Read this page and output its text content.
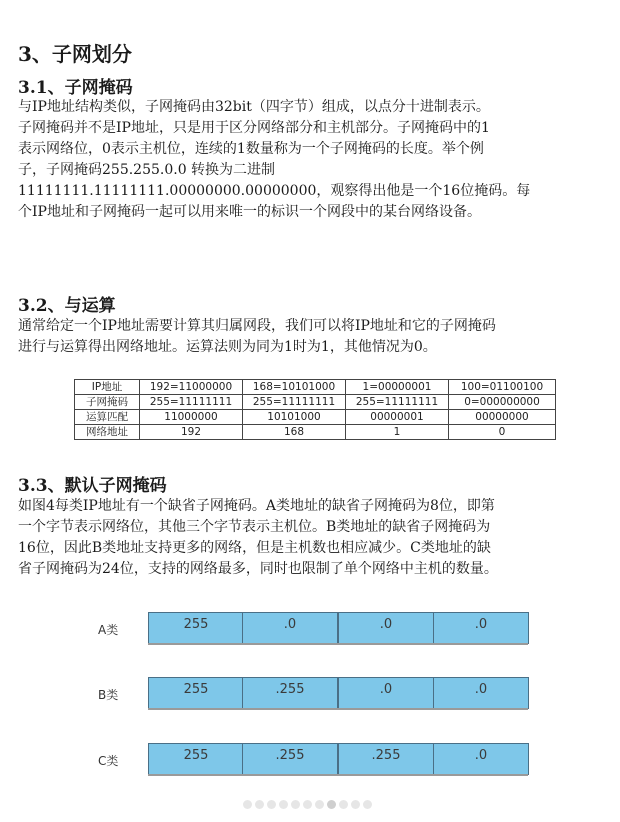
3、子网划分
3.1、子网掩码

与IP地址结构类似，子网掩码由32bit（四字节）组成，以点分十进制表示。
子网掩码并不是IP地址，只是用于区分网络部分和主机部分。子网掩码中的1
表示网络位，0表示主机位，连续的1数量称为一个子网掩码的长度。举个例
子，子网掩码255.255.0.0 转换为二进制
11111111.11111111.00000000.00000000，观察得出他是一个16位掩码。每
个IP地址和子网掩码一起可以用来唯一的标识一个网段中的某台网络设备。

3.2、与运算

通常给定一个IP地址需要计算其归属网段，我们可以将IP地址和它的子网掩码
进行与运算得出网络地址。运算法则为同为1时为1，其他情况为0。

IP地址	192=11000000	168=10101000	1=00000001	100=01100100
子网掩码	255=11111111	255=11111111	255=11111111	0=000000000
运算匹配	11000000	10101000	00000001	00000000
网络地址	192	168	1	0
3.3、默认子网掩码

如图4每类IP地址有一个缺省子网掩码。A类地址的缺省子网掩码为8位，即第
一个字节表示网络位，其他三个字节表示主机位。B类地址的缺省子网掩码为
16位，因此B类地址支持更多的网络，但是主机数也相应减少。C类地址的缺
省子网掩码为24位，支持的网络最多，同时也限制了单个网络中主机的数量。

A类	255	.0	.0	.0
B类	255	.255	.0	.0
C类	255	.255	.255	.0
